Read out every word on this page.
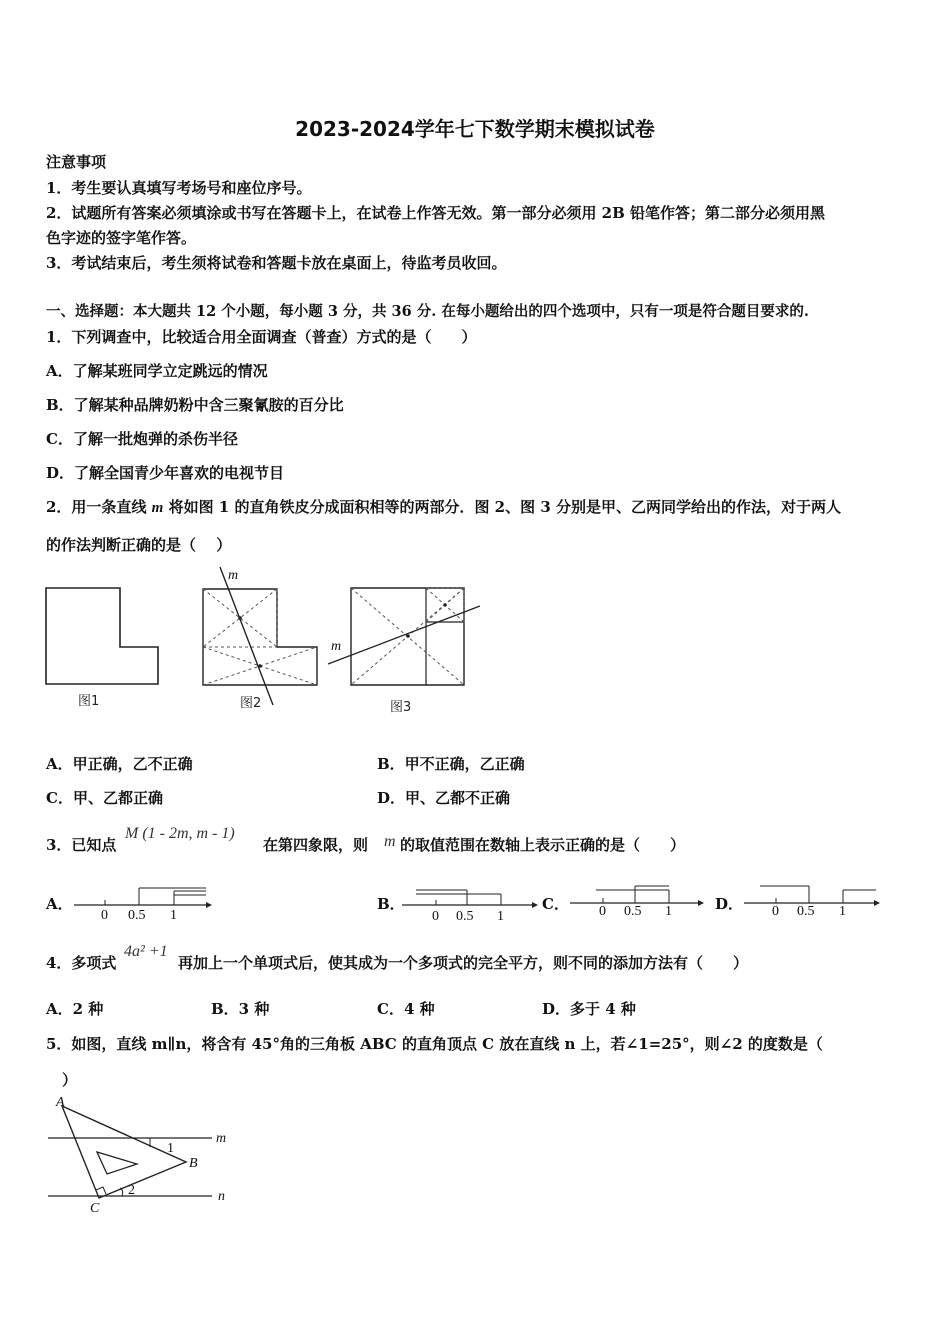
2023-2024学年七下数学期末模拟试卷
注意事项
1．考生要认真填写考场号和座位序号。
2．试题所有答案必须填涂或书写在答题卡上，在试卷上作答无效。第一部分必须用 2B 铅笔作答；第二部分必须用黑
色字迹的签字笔作答。
3．考试结束后，考生须将试卷和答题卡放在桌面上，待监考员收回。
一、选择题：本大题共 12 个小题，每小题 3 分，共 36 分. 在每小题给出的四个选项中，只有一项是符合题目要求的.
1．下列调查中，比较适合用全面调查（普查）方式的是（　　）
A．了解某班同学立定跳远的情况
B．了解某种品牌奶粉中含三聚氰胺的百分比
C．了解一批炮弹的杀伤半径
D．了解全国青少年喜欢的电视节目
2．用一条直线 m 将如图 1 的直角铁皮分成面积相等的两部分．图 2、图 3 分别是甲、乙两同学给出的作法，对于两人
的作法判断正确的是（　 ）
图1
m
图2
m
图3
A．甲正确，乙不正确	B．甲不正确，乙正确
C．甲、乙都正确	D．甲、乙都不正确
3．已知点
M (1 - 2m, m - 1)
在第四象限，则 m 的取值范围在数轴上表示正确的是（　　）
A．
0 0.5 1
B．
0 0.5 1
C． 0 0.5 1	D． 0 0.5 1
4．多项式
4a² +1
再加上一个单项式后，使其成为一个多项式的完全平方，则不同的添加方法有（　　）
A．2 种	B．3 种	C．4 种	D．多于 4 种
5．如图，直线 m∥n，将含有 45°角的三角板 ABC 的直角顶点 C 放在直线 n 上，若∠1=25°，则∠2 的度数是（
）
A
B
C
m
n
1
2
